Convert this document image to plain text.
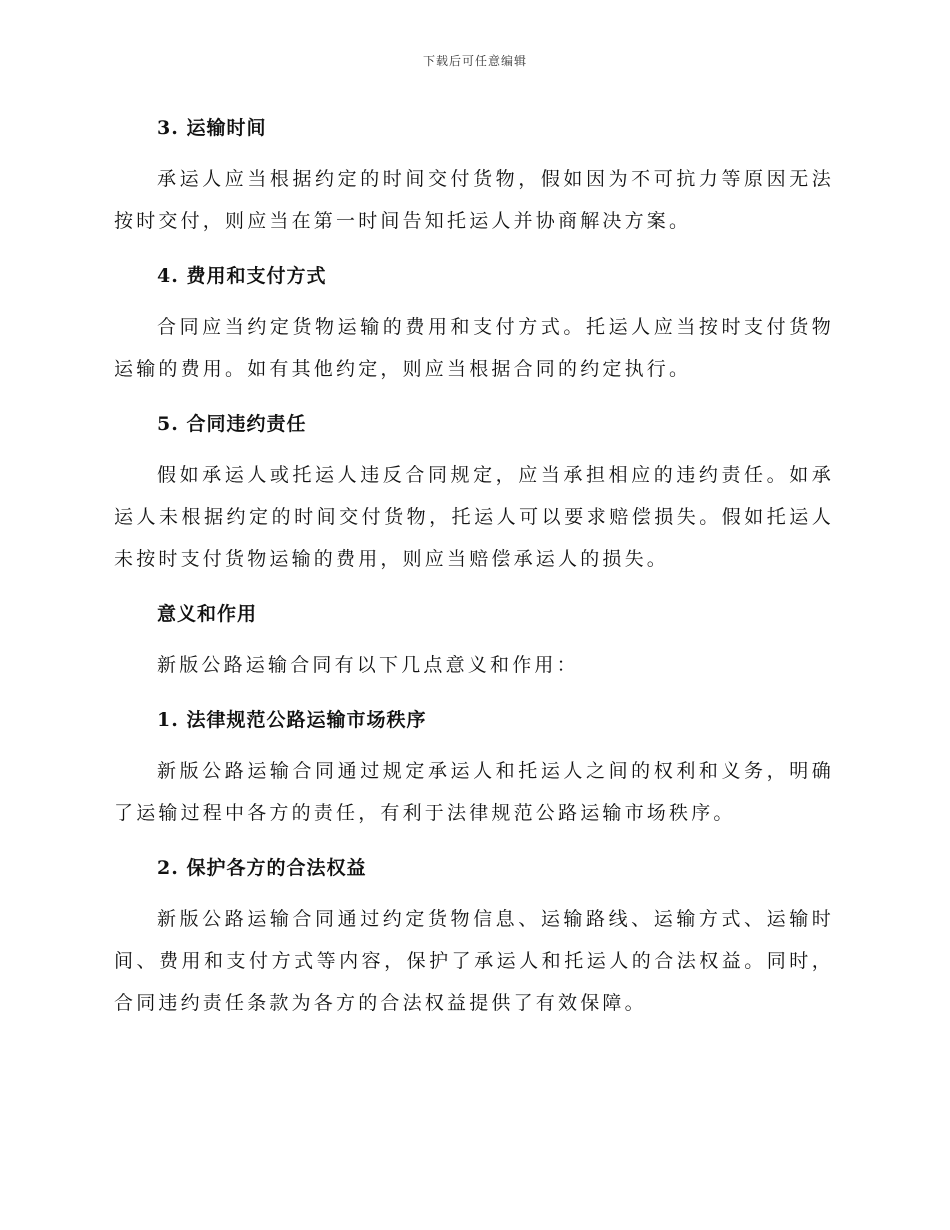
下载后可任意编辑
3. 运输时间

承运人应当根据约定的时间交付货物，假如因为不可抗力等原因无法按时交付，则应当在第一时间告知托运人并协商解决方案。

4. 费用和支付方式

合同应当约定货物运输的费用和支付方式。托运人应当按时支付货物运输的费用。如有其他约定，则应当根据合同的约定执行。

5. 合同违约责任

假如承运人或托运人违反合同规定，应当承担相应的违约责任。如承运人未根据约定的时间交付货物，托运人可以要求赔偿损失。假如托运人未按时支付货物运输的费用，则应当赔偿承运人的损失。

意义和作用

新版公路运输合同有以下几点意义和作用：

1. 法律规范公路运输市场秩序

新版公路运输合同通过规定承运人和托运人之间的权利和义务，明确了运输过程中各方的责任，有利于法律规范公路运输市场秩序。

2. 保护各方的合法权益

新版公路运输合同通过约定货物信息、运输路线、运输方式、运输时间、费用和支付方式等内容，保护了承运人和托运人的合法权益。同时，合同违约责任条款为各方的合法权益提供了有效保障。
